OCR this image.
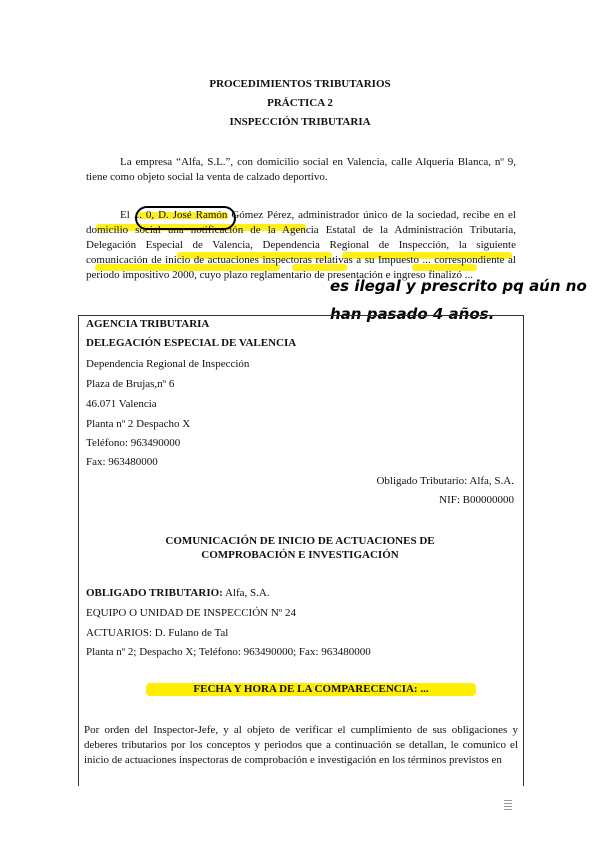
PROCEDIMIENTOS TRIBUTARIOS
PRÁCTICA 2
INSPECCIÓN TRIBUTARIA
La empresa “Alfa, S.L.”, con domicilio social en Valencia, calle Alquería Blanca, nº 9, tiene como objeto social la venta de calzado deportivo.
El ... 0, D. José Ramón Gómez Pérez, administrador único de la sociedad, recibe en el domicilio social una notificación de la Agencia Estatal de la Administración Tributaria, Delegación Especial de Valencia, Dependencia Regional de Inspección, la siguiente comunicación de inicio de actuaciones inspectoras relativas a su Impuesto ... correspondiente al periodo impositivo 2000, cuyo plazo reglamentario de presentación e ingreso finalizó ...
es ilegal y prescrito pq aún no han pasado 4 años.
AGENCIA TRIBUTARIA
DELEGACIÓN ESPECIAL DE VALENCIA
Dependencia Regional de Inspección
Plaza de Brujas,nº 6
46.071 Valencia
Planta nº 2 Despacho X
Teléfono: 963490000
Fax: 963480000
Obligado Tributario: Alfa, S.A.
NIF: B00000000
COMUNICACIÓN DE INICIO DE ACTUACIONES DE COMPROBACIÓN E INVESTIGACIÓN
OBLIGADO TRIBUTARIO: Alfa, S.A.
EQUIPO O UNIDAD DE INSPECCIÓN Nº 24
ACTUARIOS: D. Fulano de Tal
Planta nº 2; Despacho X; Teléfono: 963490000; Fax: 963480000
FECHA Y HORA DE LA COMPARECENCIA: ...
Por orden del Inspector-Jefe, y al objeto de verificar el cumplimiento de sus obligaciones y deberes tributarios por los conceptos y periodos que a continuación se detallan, le comunico el inicio de actuaciones inspectoras de comprobación e investigación en los términos previstos en
